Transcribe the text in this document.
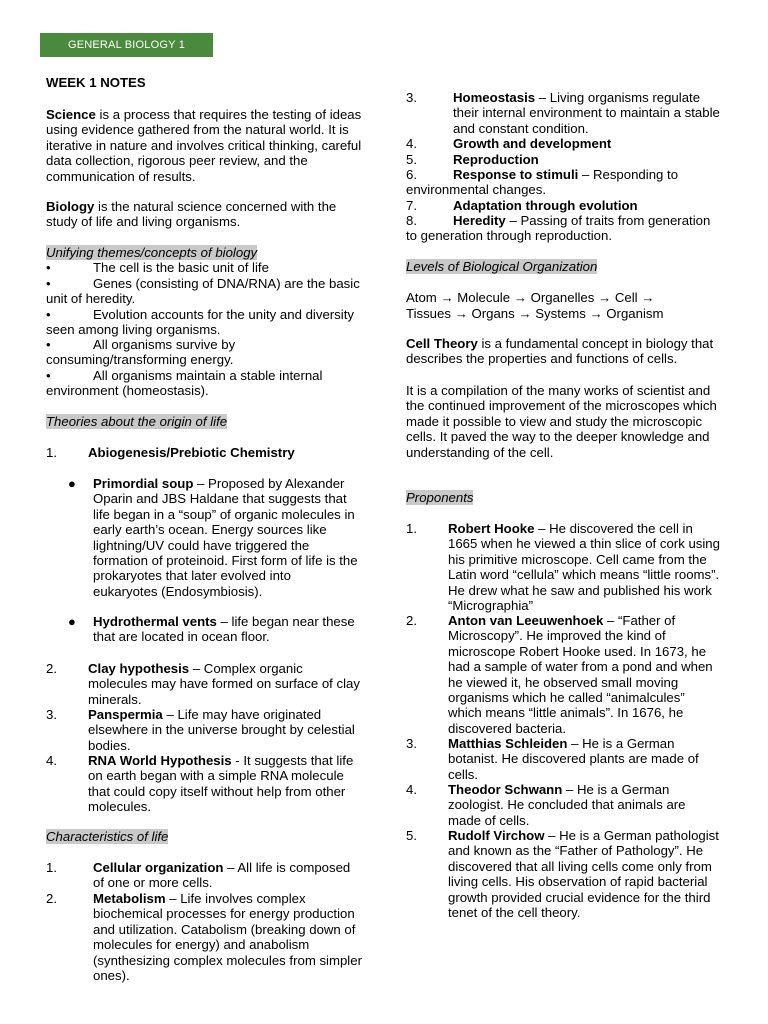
GENERAL BIOLOGY 1
WEEK 1 NOTES
Science is a process that requires the testing of ideas using evidence gathered from the natural world. It is iterative in nature and involves critical thinking, careful data collection, rigorous peer review, and the communication of results.
Biology is the natural science concerned with the study of life and living organisms.
Unifying themes/concepts of biology
•	The cell is the basic unit of life
•	Genes (consisting of DNA/RNA) are the basic unit of heredity.
•	Evolution accounts for the unity and diversity seen among living organisms.
•	All organisms survive by consuming/transforming energy.
•	All organisms maintain a stable internal environment (homeostasis).
Theories about the origin of life
1. Abiogenesis/Prebiotic Chemistry
● Primordial soup – Proposed by Alexander Oparin and JBS Haldane that suggests that life began in a “soup” of organic molecules in early earth’s ocean. Energy sources like lightning/UV could have triggered the formation of proteinoid. First form of life is the prokaryotes that later evolved into eukaryotes (Endosymbiosis).
● Hydrothermal vents – life began near these that are located in ocean floor.
2. Clay hypothesis – Complex organic molecules may have formed on surface of clay minerals.
3. Panspermia – Life may have originated elsewhere in the universe brought by celestial bodies.
4. RNA World Hypothesis - It suggests that life on earth began with a simple RNA molecule that could copy itself without help from other molecules.
Characteristics of life
1.	Cellular organization – All life is composed of one or more cells.
2.	Metabolism – Life involves complex biochemical processes for energy production and utilization. Catabolism (breaking down of molecules for energy) and anabolism (synthesizing complex molecules from simpler ones).
3.	Homeostasis – Living organisms regulate their internal environment to maintain a stable and constant condition.
4.	Growth and development
5.	Reproduction
6.	Response to stimuli – Responding to environmental changes.
7.	Adaptation through evolution
8.	Heredity – Passing of traits from generation to generation through reproduction.
Levels of Biological Organization
Atom → Molecule → Organelles → Cell →
Tissues → Organs → Systems → Organism
Cell Theory is a fundamental concept in biology that describes the properties and functions of cells.
It is a compilation of the many works of scientist and the continued improvement of the microscopes which made it possible to view and study the microscopic cells. It paved the way to the deeper knowledge and understanding of the cell.
Proponents
1. Robert Hooke – He discovered the cell in 1665 when he viewed a thin slice of cork using his primitive microscope. Cell came from the Latin word “cellula” which means “little rooms”. He drew what he saw and published his work “Micrographia”
2. Anton van Leeuwenhoek – “Father of Microscopy”. He improved the kind of microscope Robert Hooke used. In 1673, he had a sample of water from a pond and when he viewed it, he observed small moving organisms which he called “animalcules” which means “little animals”. In 1676, he discovered bacteria.
3. Matthias Schleiden – He is a German botanist. He discovered plants are made of cells.
4. Theodor Schwann – He is a German zoologist. He concluded that animals are made of cells.
5. Rudolf Virchow – He is a German pathologist and known as the “Father of Pathology”. He discovered that all living cells come only from living cells. His observation of rapid bacterial growth provided crucial evidence for the third tenet of the cell theory.
